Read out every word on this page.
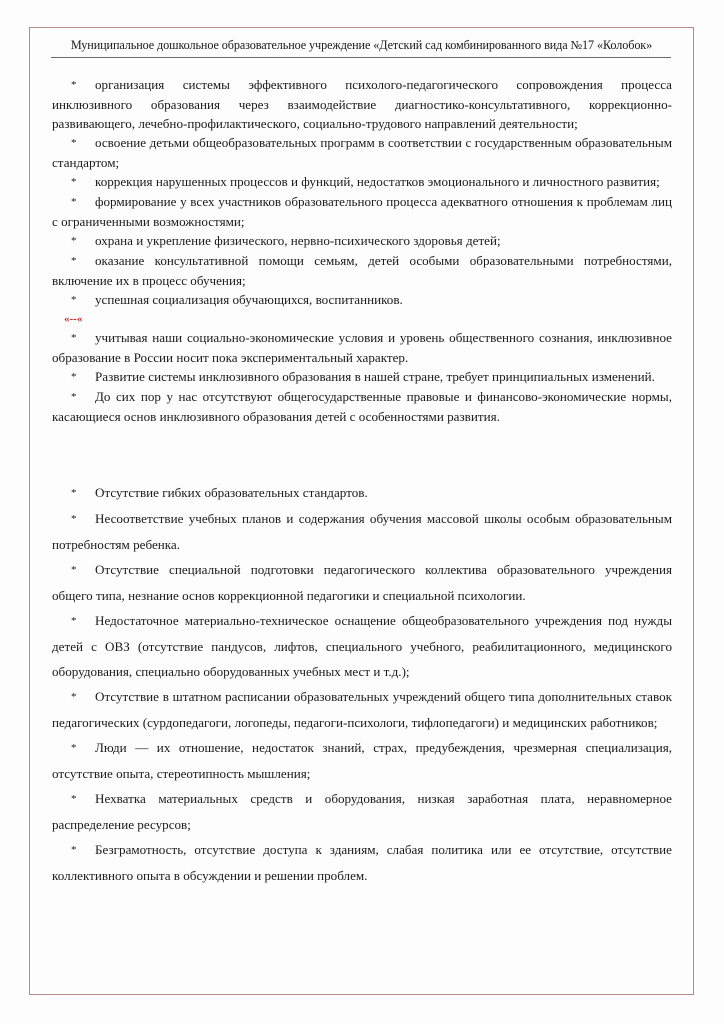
Муниципальное дошкольное образовательное учреждение «Детский сад комбинированного вида №17 «Колобок»

* организация системы эффективного психолого-педагогического сопровождения процесса инклюзивного образования через взаимодействие диагностико-консультативного, коррекционно-развивающего, лечебно-профилактического, социально-трудового направлений деятельности;

* освоение детьми общеобразовательных программ в соответствии с государственным образовательным стандартом;

* коррекция нарушенных процессов и функций, недостатков эмоционального и личностного развития;

* формирование у всех участников образовательного процесса адекватного отношения к проблемам лиц с ограниченными возможностями;

* охрана и укрепление физического, нервно-психического здоровья детей;

* оказание консультативной помощи семьям, детей особыми образовательными потребностями, включение их в процесс обучения;

* успешная социализация обучающихся, воспитанников.

«--«

* учитывая наши социально-экономические условия и уровень общественного сознания, инклюзивное образование в России носит пока экспериментальный характер.

* Развитие системы инклюзивного образования в нашей стране, требует принципиальных изменений.

* До сих пор у нас отсутствуют общегосударственные правовые и финансово-экономические нормы, касающиеся основ инклюзивного образования детей с особенностями развития.

* Отсутствие гибких образовательных стандартов.

* Несоответствие учебных планов и содержания обучения массовой школы особым образовательным потребностям ребенка.

* Отсутствие специальной подготовки педагогического коллектива образовательного учреждения общего типа, незнание основ коррекционной педагогики и специальной психологии.

* Недостаточное материально-техническое оснащение общеобразовательного учреждения под нужды детей с ОВЗ (отсутствие пандусов, лифтов, специального учебного, реабилитационного, медицинского оборудования, специально оборудованных учебных мест и т.д.);

* Отсутствие в штатном расписании образовательных учреждений общего типа дополнительных ставок педагогических (сурдопедагоги, логопеды, педагоги-психологи, тифлопедагоги) и медицинских работников;

* Люди — их отношение, недостаток знаний, страх, предубеждения, чрезмерная специализация, отсутствие опыта, стереотипность мышления;

* Нехватка материальных средств и оборудования, низкая заработная плата, неравномерное распределение ресурсов;

* Безграмотность, отсутствие доступа к зданиям, слабая политика или ее отсутствие, отсутствие коллективного опыта в обсуждении и решении проблем.
